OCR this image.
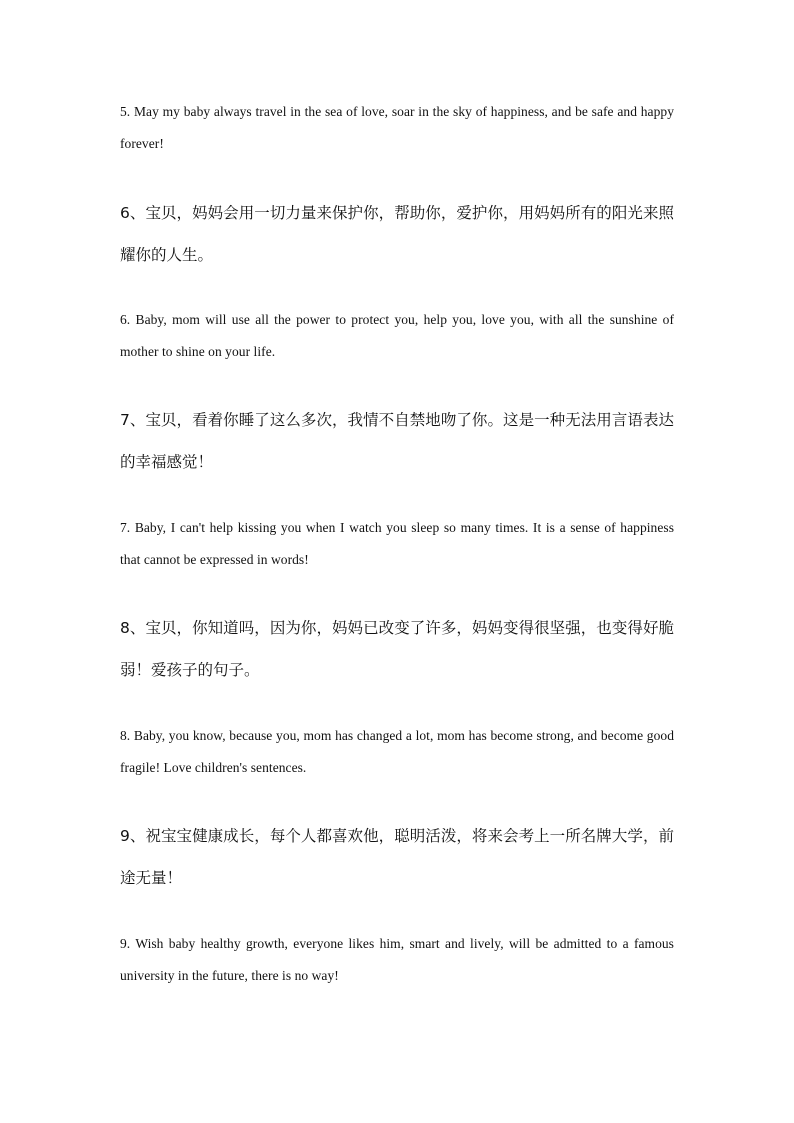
5. May my baby always travel in the sea of love, soar in the sky of happiness, and be safe and happy forever!

6、宝贝，妈妈会用一切力量来保护你，帮助你，爱护你，用妈妈所有的阳光来照耀你的人生。

6. Baby, mom will use all the power to protect you, help you, love you, with all the sunshine of mother to shine on your life.

7、宝贝，看着你睡了这么多次，我情不自禁地吻了你。这是一种无法用言语表达的幸福感觉！

7. Baby, I can't help kissing you when I watch you sleep so many times. It is a sense of happiness that cannot be expressed in words!

8、宝贝，你知道吗，因为你，妈妈已改变了许多，妈妈变得很坚强，也变得好脆弱！爱孩子的句子。

8. Baby, you know, because you, mom has changed a lot, mom has become strong, and become good fragile! Love children's sentences.

9、祝宝宝健康成长，每个人都喜欢他，聪明活泼，将来会考上一所名牌大学，前途无量！

9. Wish baby healthy growth, everyone likes him, smart and lively, will be admitted to a famous university in the future, there is no way!
